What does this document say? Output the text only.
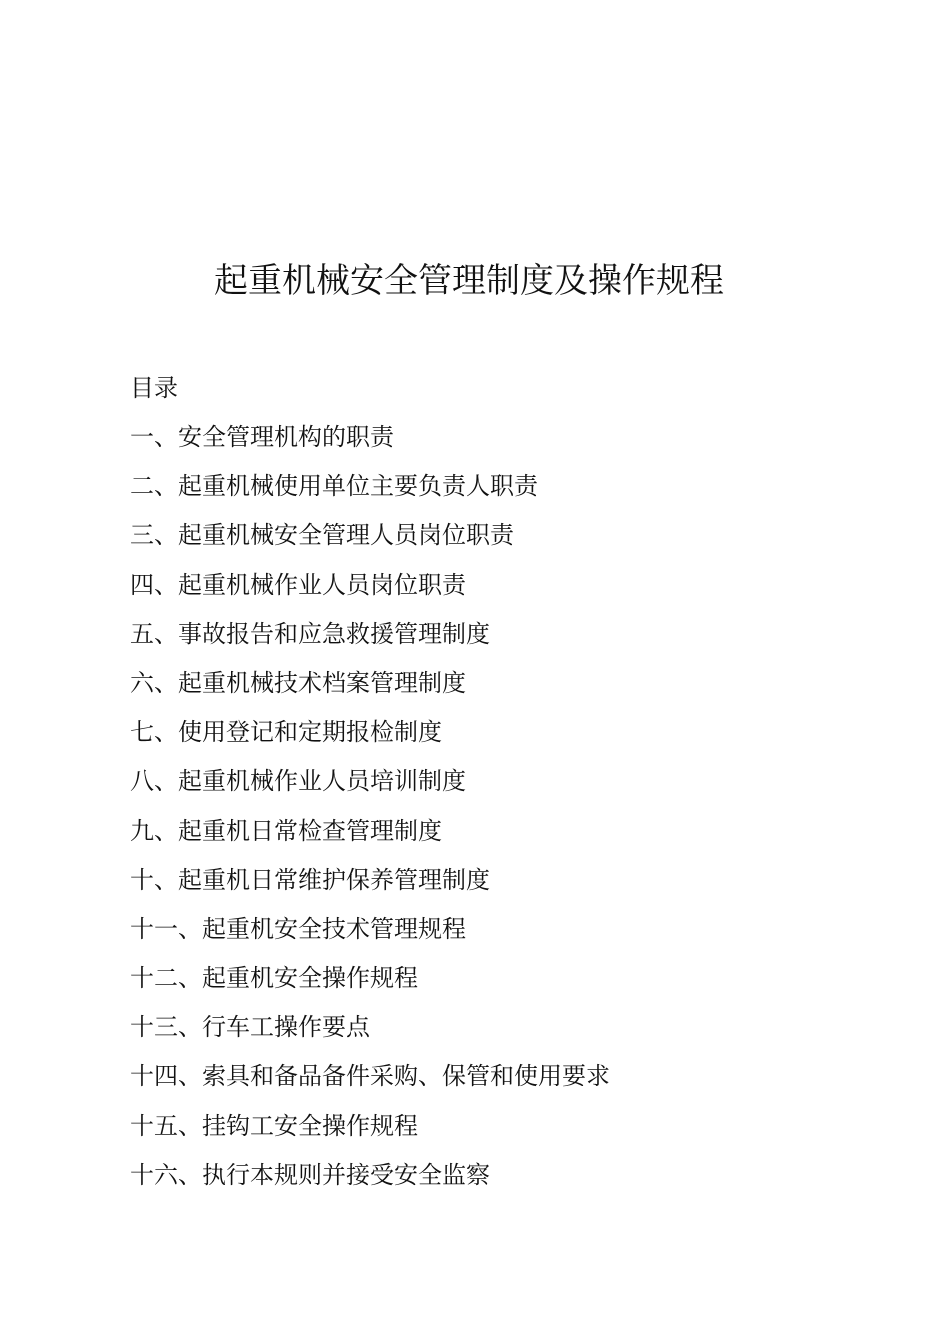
起重机械安全管理制度及操作规程
目录
一、安全管理机构的职责
二、起重机械使用单位主要负责人职责
三、起重机械安全管理人员岗位职责
四、起重机械作业人员岗位职责
五、事故报告和应急救援管理制度
六、起重机械技术档案管理制度
七、使用登记和定期报检制度
八、起重机械作业人员培训制度
九、起重机日常检查管理制度
十、起重机日常维护保养管理制度
十一、起重机安全技术管理规程
十二、起重机安全操作规程
十三、行车工操作要点
十四、索具和备品备件采购、保管和使用要求
十五、挂钩工安全操作规程
十六、执行本规则并接受安全监察
